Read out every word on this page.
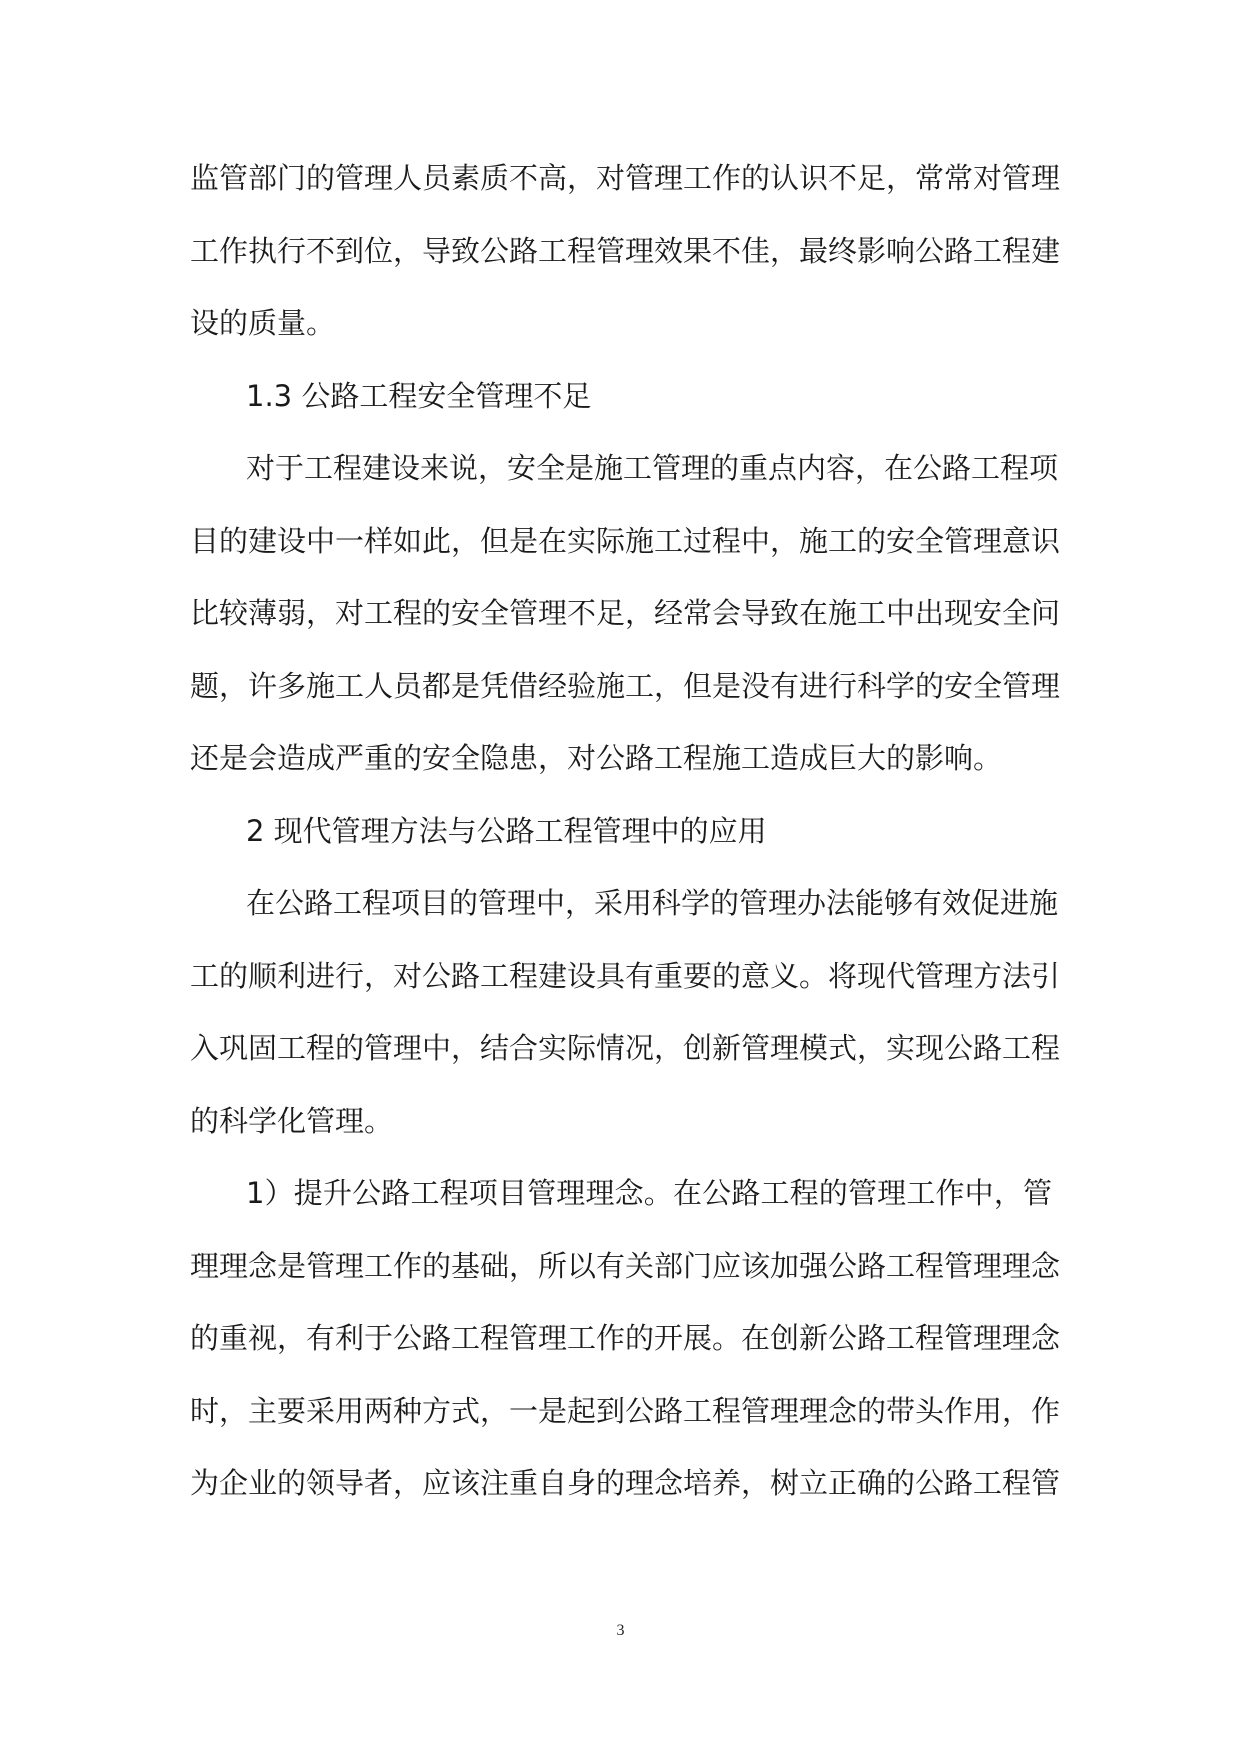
监管部门的管理人员素质不高，对管理工作的认识不足，常常对管理
工作执行不到位，导致公路工程管理效果不佳，最终影响公路工程建
设的质量。
1.3 公路工程安全管理不足
对于工程建设来说，安全是施工管理的重点内容，在公路工程项
目的建设中一样如此，但是在实际施工过程中，施工的安全管理意识
比较薄弱，对工程的安全管理不足，经常会导致在施工中出现安全问
题，许多施工人员都是凭借经验施工，但是没有进行科学的安全管理
还是会造成严重的安全隐患，对公路工程施工造成巨大的影响。
2 现代管理方法与公路工程管理中的应用
在公路工程项目的管理中，采用科学的管理办法能够有效促进施
工的顺利进行，对公路工程建设具有重要的意义。将现代管理方法引
入巩固工程的管理中，结合实际情况，创新管理模式，实现公路工程
的科学化管理。
1）提升公路工程项目管理理念。在公路工程的管理工作中，管
理理念是管理工作的基础，所以有关部门应该加强公路工程管理理念
的重视，有利于公路工程管理工作的开展。在创新公路工程管理理念
时，主要采用两种方式，一是起到公路工程管理理念的带头作用，作
为企业的领导者，应该注重自身的理念培养，树立正确的公路工程管
3
